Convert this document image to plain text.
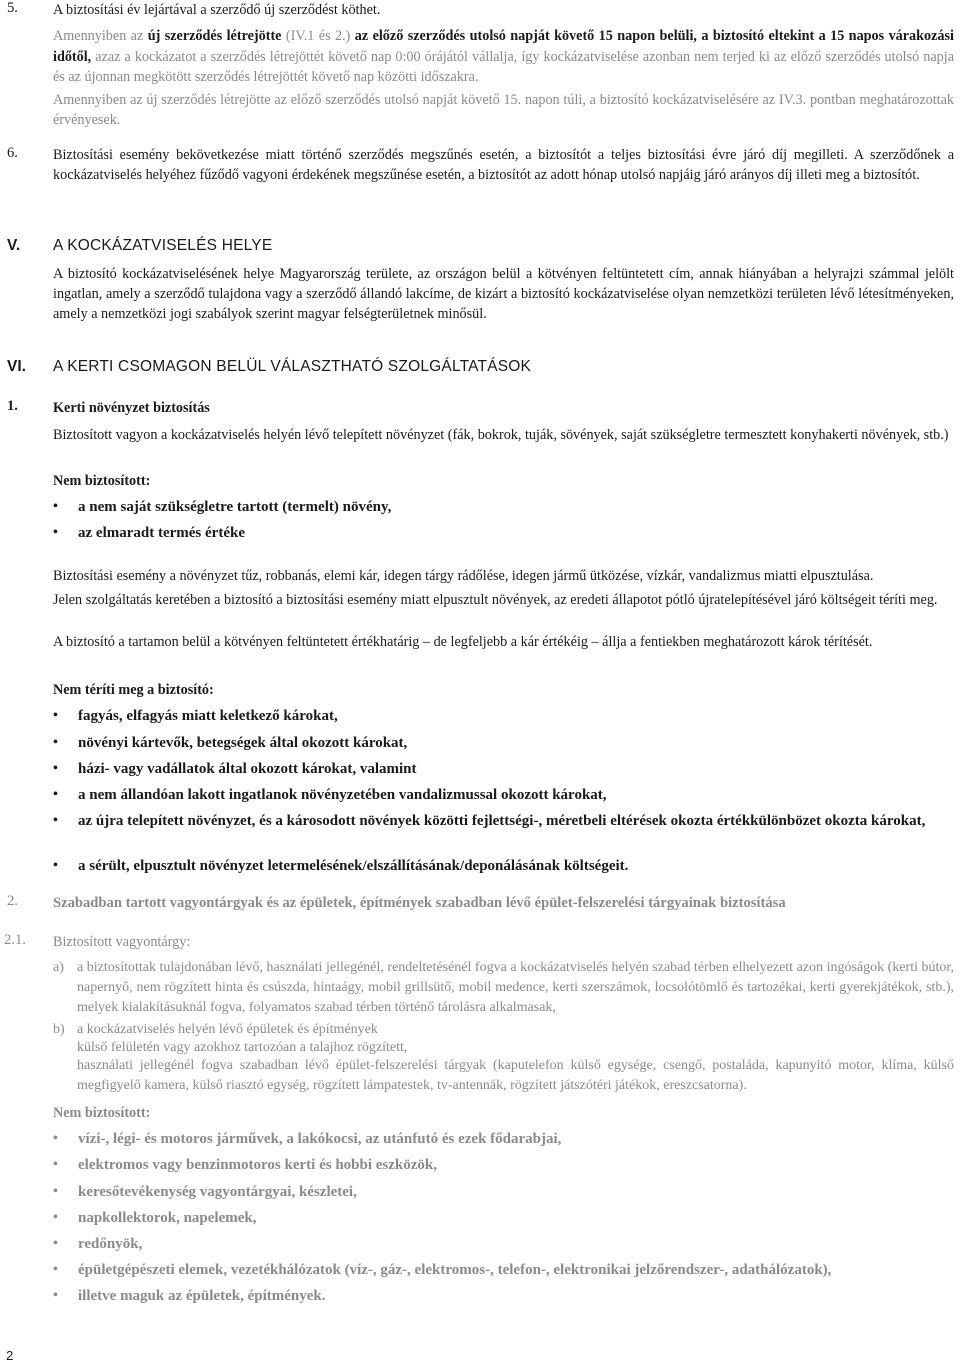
5. A biztosítási év lejártával a szerződő új szerződést köthet.
Amennyiben az új szerződés létrejötte (IV.1 és 2.) az előző szerződés utolsó napját követő 15 napon belüli, a biztosító eltekint a 15 napos várakozási időtől, azaz a kockázatot a szerződés létrejöttét követő nap 0:00 órájától vállalja, így kockázatviselése azonban nem terjed ki az előző szerződés utolsó napja és az újonnan megkötött szerződés létrejöttét követő nap közötti időszakra.
Amennyiben az új szerződés létrejötte az előző szerződés utolsó napját követő 15. napon túli, a biztosító kockázatviselésére az IV.3. pontban meghatározottak érvényesek.
6. Biztosítási esemény bekövetkezése miatt történő szerződés megszűnés esetén, a biztosítót a teljes biztosítási évre járó díj megilleti. A szerződőnek a kockázatviselés helyéhez fűződő vagyoni érdekének megszűnése esetén, a biztosítót az adott hónap utolsó napjáig járó arányos díj illeti meg a biztosítót.
V. A KOCKÁZATVISELÉS HELYE
A biztosító kockázatviselésének helye Magyarország területe, az országon belül a kötvényen feltüntetett cím, annak hiányában a helyrajzi számmal jelölt ingatlan, amely a szerződő tulajdona vagy a szerződő állandó lakcíme, de kizárt a biztosító kockázatviselése olyan nemzetközi területen lévő létesítményeken, amely a nemzetközi jogi szabályok szerint magyar felségterületnek minősül.
VI. A KERTI CSOMAGON BELÜL VÁLASZTHATÓ SZOLGÁLTATÁSOK
1. Kerti növényzet biztosítás
Biztosított vagyon a kockázatviselés helyén lévő telepített növényzet (fák, bokrok, tuják, sövények, saját szükségletre termesztett konyhakerti növények, stb.)
Nem biztosított:
• a nem saját szükségletre tartott (termelt) növény,
• az elmaradt termés értéke
Biztosítási esemény a növényzet tűz, robbanás, elemi kár, idegen tárgy rádőlése, idegen jármű ütközése, vízkár, vandalizmus miatti elpusztulása.
Jelen szolgáltatás keretében a biztosító a biztosítási esemény miatt elpusztult növények, az eredeti állapotot pótló újratelepítésével járó költségeit téríti meg.
A biztosító a tartamon belül a kötvényen feltüntetett értékhatárig – de legfeljebb a kár értékéig – állja a fentiekben meghatározott károk térítését.
Nem téríti meg a biztosító:
• fagyás, elfagyás miatt keletkező károkat,
• növényi kártevők, betegségek által okozott károkat,
• házi- vagy vadállatok által okozott károkat, valamint
• a nem állandóan lakott ingatlanok növényzetében vandalizmussal okozott károkat,
• az újra telepített növényzet, és a károsodott növények közötti fejlettségi-, méretbeli eltérések okozta értékkülönbözet okozta károkat,
• a sérült, elpusztult növényzet letermelésének/elszállításának/deponálásának költségeit.
2. Szabadban tartott vagyontárgyak és az épületek, építmények szabadban lévő épület-felszerelési tárgyainak biztosítása
2.1. Biztosított vagyontárgy:
a) a biztosítottak tulajdonában lévő, használati jellegénél, rendeltetésénél fogva a kockázatviselés helyén szabad térben elhelyezett azon ingóságok (kerti bútor, napernyő, nem rögzített hinta és csúszda, hintaágy, mobil grillsütő, mobil medence, kerti szerszámok, locsolótömlő és tartozékai, kerti gyerekjátékok, stb.), melyek kialakításuknál fogva, folyamatos szabad térben történő tárolásra alkalmasak,
b) a kockázatviselés helyén lévő épületek és építmények
külső felületén vagy azokhoz tartozóan a talajhoz rögzített,
használati jellegénél fogva szabadban lévő épület-felszerelési tárgyak (kaputelefon külső egysége, csengő, postaláda, kapunyitó motor, klíma, külső megfigyelő kamera, külső riasztó egység, rögzített lámpatestek, tv-antennák, rögzített játszótéri játékok, ereszcsatorna).
Nem biztosított:
• vízi-, légi- és motoros járművek, a lakókocsi, az utánfutó és ezek fődarabjai,
• elektromos vagy benzinmotoros kerti és hobbi eszközök,
• keresőtevékenység vagyontárgyai, készletei,
• napkollektorok, napelemek,
• redőnyök,
• épületgépészeti elemek, vezetékhálózatok (víz-, gáz-, elektromos-, telefon-, elektronikai jelzőrendszer-, adathálózatok),
• illetve maguk az épületek, építmények.
2
